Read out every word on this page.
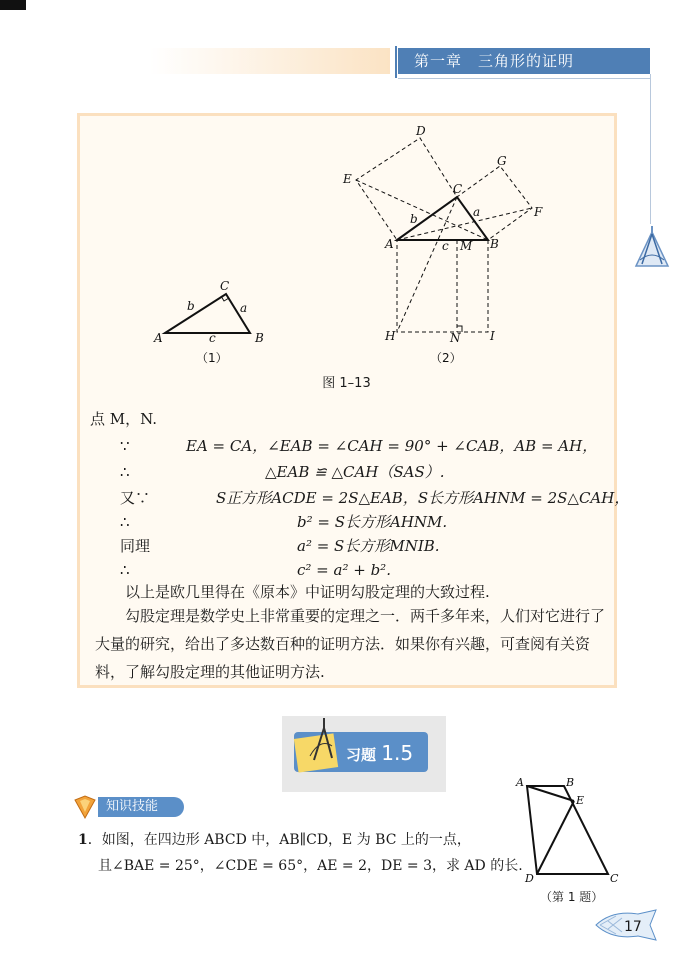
第一章　三角形的证明
A	B
C
a
b
c
A	B
C
D
E
F
G
H	I
M
N
a
b
c
（1）	（2）
图 1–13
点 M，N.
∵	EA = CA，∠EAB = ∠CAH = 90° + ∠CAB，AB = AH，
∴	△EAB ≌ △CAH（SAS）.
又∵	S正方形ACDE = 2S△EAB，S长方形AHNM = 2S△CAH，
∴	b² = S长方形AHNM.
同理	a² = S长方形MNIB.
∴	c² = a² + b².
以上是欧几里得在《原本》中证明勾股定理的大致过程.
勾股定理是数学史上非常重要的定理之一．两千多年来，人们对它进行了大量的研究，给出了多达数百种的证明方法．如果你有兴趣，可查阅有关资料，了解勾股定理的其他证明方法.
习题 1.5
知识技能
1．如图，在四边形 ABCD 中，AB∥CD，E 为 BC 上的一点，
且∠BAE = 25°，∠CDE = 65°，AE = 2，DE = 3，求 AD 的长.
A	B
C
D
E
（第 1 题）
17
